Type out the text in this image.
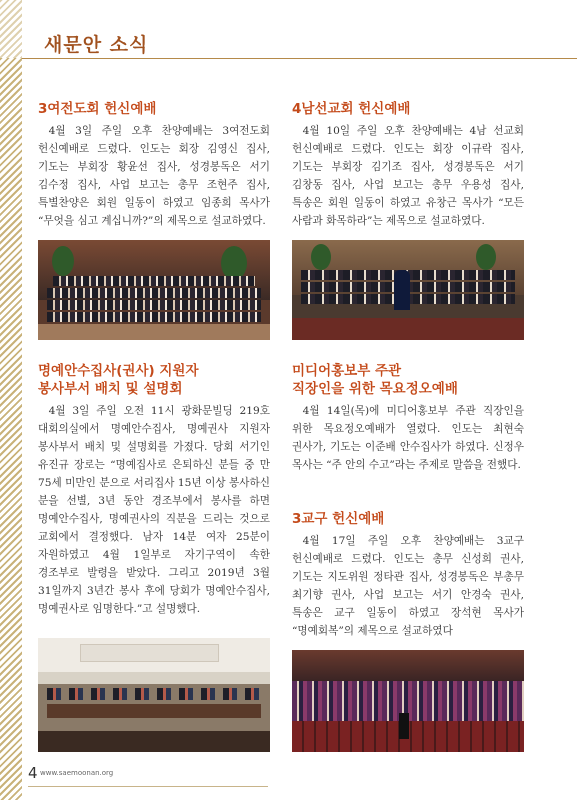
새문안 소식
3여전도회 헌신예배
4월 3일 주일 오후 찬양예배는 3여전도회 헌신예배로 드렸다. 인도는 회장 김영신 집사, 기도는 부회장 황윤선 집사, 성경봉독은 서기 김수정 집사, 사업 보고는 총무 조현주 집사, 특별찬양은 회원 일동이 하였고 임종희 목사가 “무엇을 심고 계십니까?”의 제목으로 설교하였다.
4남선교회 헌신예배
4월 10일 주일 오후 찬양예배는 4남 선교회 헌신예배로 드렸다. 인도는 회장 이규락 집사, 기도는 부회장 김기조 집사, 성경봉독은 서기 김창동 집사, 사업 보고는 총무 우용성 집사, 특송은 회원 일동이 하였고 유창근 목사가 “모든 사람과 화목하라”는 제목으로 설교하였다.
명예안수집사(권사) 지원자
봉사부서 배치 및 설명회
4월 3일 주일 오전 11시 광화문빌딩 219호 대회의실에서 명예안수집사, 명예권사 지원자 봉사부서 배치 및 설명회를 가졌다. 당회 서기인 유진규 장로는 “명예집사로 은퇴하신 분들 중 만 75세 미만인 분으로 서리집사 15년 이상 봉사하신 분을 선별, 3년 동안 경조부에서 봉사를 하면 명예안수집사, 명예권사의 직분을 드리는 것으로 교회에서 결정했다. 남자 14분 여자 25분이 자원하였고 4월 1일부로 자기구역이 속한 경조부로 발령을 받았다. 그리고 2019년 3월 31일까지 3년간 봉사 후에 당회가 명예안수집사, 명예권사로 임명한다.”고 설명했다.
미디어홍보부 주관
직장인을 위한 목요정오예배
4월 14일(목)에 미디어홍보부 주관 직장인을 위한 목요정오예배가 열렸다. 인도는 최현숙 권사가, 기도는 이준배 안수집사가 하였다. 신정우 목사는 “주 안의 수고”라는 주제로 말씀을 전했다.
3교구 헌신예배
4월 17일 주일 오후 찬양예배는 3교구 헌신예배로 드렸다. 인도는 총무 신성희 권사, 기도는 지도위원 정타관 집사, 성경봉독은 부총무 최기향 권사, 사업 보고는 서기 안경숙 권사, 특송은 교구 일동이 하였고 장석현 목사가 “명예회복”의 제목으로 설교하였다
4 www.saemoonan.org
